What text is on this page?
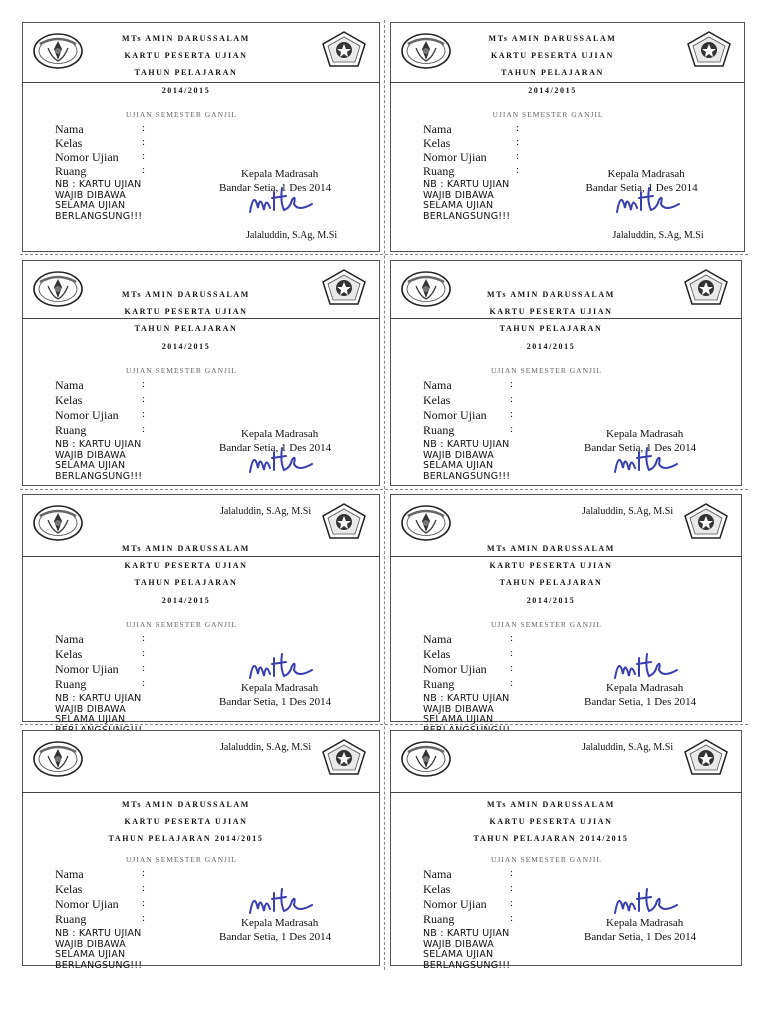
MTs AMIN DARUSSALAM
KARTU PESERTA UJIAN
TAHUN PELAJARAN
2014/2015
UJIAN SEMESTER GANJIL
Nama	:
Kelas	:
Nomor Ujian :
Ruang	:
NB : KARTU UJIAN WAJIB DIBAWA SELAMA UJIAN BERLANGSUNG!!!
Kepala Madrasah
Bandar Setia, 1 Des 2014
Jalaluddin, S.Ag, M.Si
MTs AMIN DARUSSALAM
KARTU PESERTA UJIAN
TAHUN PELAJARAN
2014/2015
UJIAN SEMESTER GANJIL
Nama	:
Kelas	:
Nomor Ujian	:
Ruang	:
NB : KARTU UJIAN WAJIB DIBAWA SELAMA UJIAN BERLANGSUNG!!!
Kepala Madrasah
Bandar Setia, 1 Des 2014
Jalaluddin, S.Ag, M.Si
MTs AMIN DARUSSALAM
KARTU PESERTA UJIAN
TAHUN PELAJARAN
2014/2015
UJIAN SEMESTER GANJIL
Nama	:
Kelas	:
Nomor Ujian :
Ruang	:
NB : KARTU UJIAN WAJIB DIBAWA SELAMA UJIAN BERLANGSUNG!!!
Kepala Madrasah
Bandar Setia, 1 Des 2014
MTs AMIN DARUSSALAM
KARTU PESERTA UJIAN
TAHUN PELAJARAN
2014/2015
UJIAN SEMESTER GANJIL
Nama	:
Kelas	:
Nomor Ujian :
Ruang	:
NB : KARTU UJIAN WAJIB DIBAWA SELAMA UJIAN BERLANGSUNG!!!
Kepala Madrasah
Bandar Setia, 1 Des 2014
Jalaluddin, S.Ag, M.Si
MTs AMIN DARUSSALAM
KARTU PESERTA UJIAN
TAHUN PELAJARAN
2014/2015
UJIAN SEMESTER GANJIL
Nama	:
Kelas	:
Nomor Ujian :
Ruang	:
NB : KARTU UJIAN WAJIB DIBAWA SELAMA UJIAN
Kepala Madrasah
Bandar Setia, 1 Des 2014
Jalaluddin, S.Ag, M.Si
MTs AMIN DARUSSALAM
KARTU PESERTA UJIAN
TAHUN PELAJARAN
2014/2015
UJIAN SEMESTER GANJIL
Nama	:
Kelas	:
Nomor Ujian :
Ruang	:
NB : KARTU UJIAN WAJIB DIBAWA SELAMA UJIAN
Kepala Madrasah
Bandar Setia, 1 Des 2014
Jalaluddin, S.Ag, M.Si
MTs AMIN DARUSSALAM
KARTU PESERTA UJIAN
TAHUN PELAJARAN 2014/2015
UJIAN SEMESTER GANJIL
Nama	:
Kelas	:
Nomor Ujian :
Ruang	:
NB : KARTU UJIAN WAJIB DIBAWA SELAMA UJIAN BERLANGSUNG!!!
Kepala Madrasah
Bandar Setia, 1 Des 2014
Jalaluddin, S.Ag, M.Si
MTs AMIN DARUSSALAM
KARTU PESERTA UJIAN
TAHUN PELAJARAN 2014/2015
UJIAN SEMESTER GANJIL
Nama	:
Kelas	:
Nomor Ujian :
Ruang	:
NB : KARTU UJIAN WAJIB DIBAWA SELAMA UJIAN BERLANGSUNG!!!
Kepala Madrasah
Bandar Setia, 1 Des 2014
